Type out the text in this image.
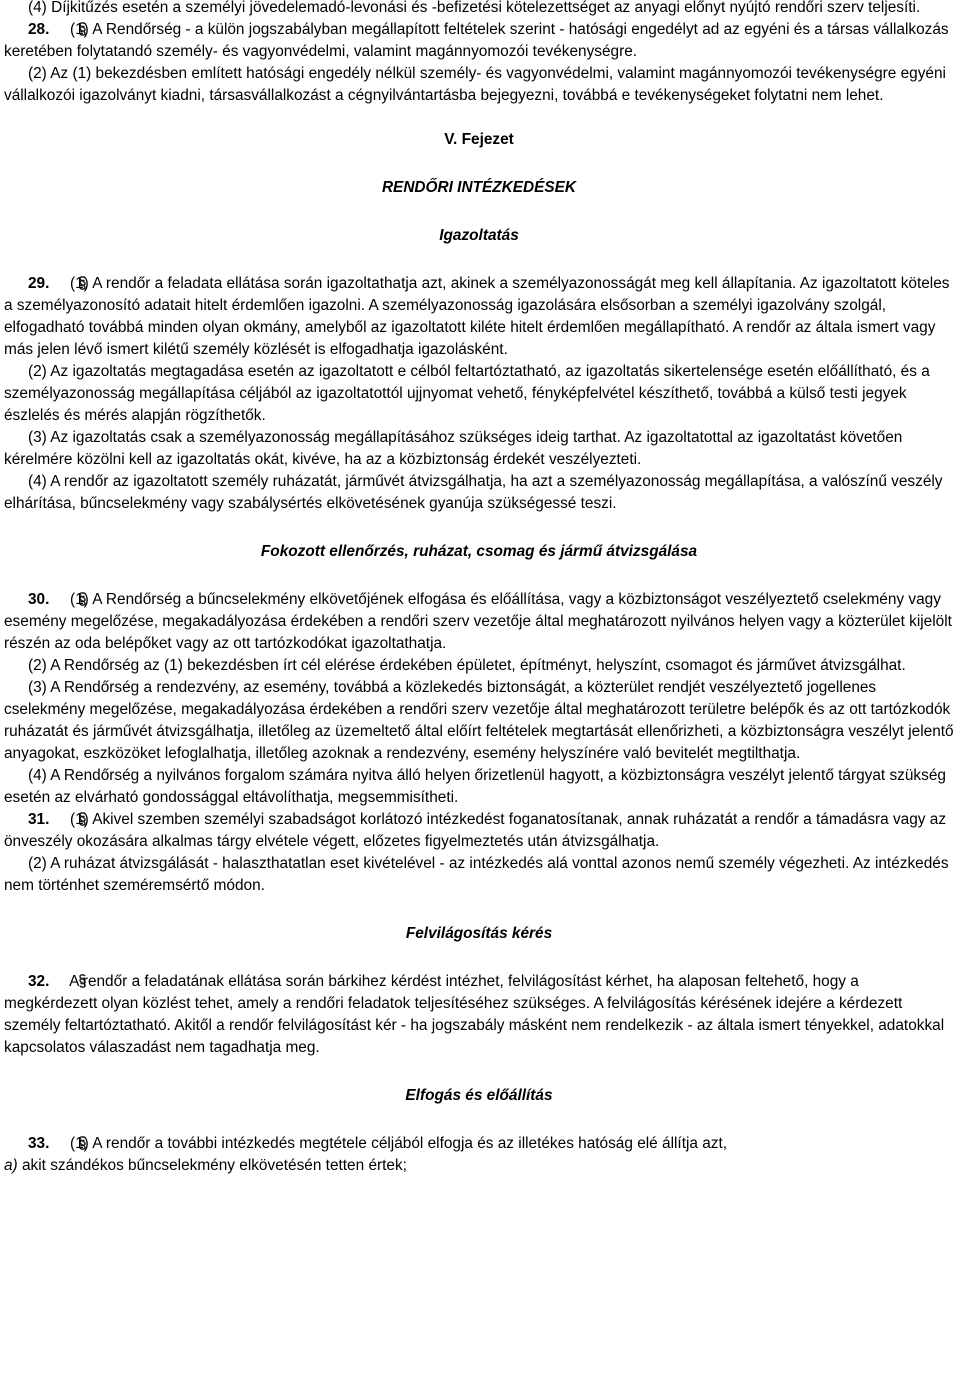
(4) Díjkitűzés esetén a személyi jövedelemadó-levonási és -befizetési kötelezettséget az anyagi előnyt nyújtó rendőri szerv teljesíti.

28. (1) A Rendőrség - a külön jogszabályban megállapított feltételek szerint - hatósági engedélyt ad az egyéni és a társas vállalkozás keretében folytatandó személy- és vagyonvédelmi, valamint magánnyomozói tevékenységre.

(2) Az (1) bekezdésben említett hatósági engedély nélkül személy- és vagyonvédelmi, valamint magánnyomozói tevékenységre egyéni vállalkozói igazolványt kiadni, társasvállalkozást a cégnyilvántartásba bejegyezni, továbbá e tevékenységeket folytatni nem lehet.

V. Fejezet

RENDŐRI INTÉZKEDÉSEK

Igazoltatás

29. (1) A rendőr a feladata ellátása során igazoltathatja azt, akinek a személyazonosságát meg kell állapítania. Az igazoltatott köteles a személyazonosító adatait hitelt érdemlően igazolni. A személyazonosság igazolására elsősorban a személyi igazolvány szolgál, elfogadható továbbá minden olyan okmány, amelyből az igazoltatott kiléte hitelt érdemlően megállapítható. A rendőr az általa ismert vagy más jelen lévő ismert kilétű személy közlését is elfogadhatja igazolásként.

(2) Az igazoltatás megtagadása esetén az igazoltatott e célból feltartóztatható, az igazoltatás sikertelensége esetén előállítható, és a személyazonosság megállapítása céljából az igazoltatottól ujjnyomat vehető, fényképfelvétel készíthető, továbbá a külső testi jegyek észlelés és mérés alapján rögzíthetők.

(3) Az igazoltatás csak a személyazonosság megállapításához szükséges ideig tarthat. Az igazoltatottal az igazoltatást követően kérelmére közölni kell az igazoltatás okát, kivéve, ha az a közbiztonság érdekét veszélyezteti.

(4) A rendőr az igazoltatott személy ruházatát, járművét átvizsgálhatja, ha azt a személyazonosság megállapítása, a valószínű veszély elhárítása, bűncselekmény vagy szabálysértés elkövetésének gyanúja szükségessé teszi.

Fokozott ellenőrzés, ruházat, csomag és jármű átvizsgálása

30. (1) A Rendőrség a bűncselekmény elkövetőjének elfogása és előállítása, vagy a közbiztonságot veszélyeztető cselekmény vagy esemény megelőzése, megakadályozása érdekében a rendőri szerv vezetője által meghatározott nyilvános helyen vagy a közterület kijelölt részén az oda belépőket vagy az ott tartózkodókat igazoltathatja.

(2) A Rendőrség az (1) bekezdésben írt cél elérése érdekében épületet, építményt, helyszínt, csomagot és járművet átvizsgálhat.

(3) A Rendőrség a rendezvény, az esemény, továbbá a közlekedés biztonságát, a közterület rendjét veszélyeztető jogellenes cselekmény megelőzése, megakadályozása érdekében a rendőri szerv vezetője által meghatározott területre belépők és az ott tartózkodók ruházatát és járművét átvizsgálhatja, illetőleg az üzemeltető által előírt feltételek megtartását ellenőrizheti, a közbiztonságra veszélyt jelentő anyagokat, eszközöket lefoglalhatja, illetőleg azoknak a rendezvény, esemény helyszínére való bevitelét megtilthatja.

(4) A Rendőrség a nyilvános forgalom számára nyitva álló helyen őrizetlenül hagyott, a közbiztonságra veszélyt jelentő tárgyat szükség esetén az elvárható gondossággal eltávolíthatja, megsemmisítheti.

31. (1) Akivel szemben személyi szabadságot korlátozó intézkedést foganatosítanak, annak ruházatát a rendőr a támadásra vagy az önveszély okozására alkalmas tárgy elvétele végett, előzetes figyelmeztetés után átvizsgálhatja.

(2) A ruházat átvizsgálását - halaszthatatlan eset kivételével - az intézkedés alá vonttal azonos nemű személy végezheti. Az intézkedés nem történhet szeméremsértő módon.

Felvilágosítás kérés

32. A rendőr a feladatának ellátása során bárkihez kérdést intézhet, felvilágosítást kérhet, ha alaposan feltehető, hogy a megkérdezett olyan közlést tehet, amely a rendőri feladatok teljesítéséhez szükséges. A felvilágosítás kérésének idejére a kérdezett személy feltartóztatható. Akitől a rendőr felvilágosítást kér - ha jogszabály másként nem rendelkezik - az általa ismert tényekkel, adatokkal kapcsolatos válaszadást nem tagadhatja meg.

Elfogás és előállítás

33. (1) A rendőr a további intézkedés megtétele céljából elfogja és az illetékes hatóság elé állítja azt,

a) akit szándékos bűncselekmény elkövetésén tetten értek;
